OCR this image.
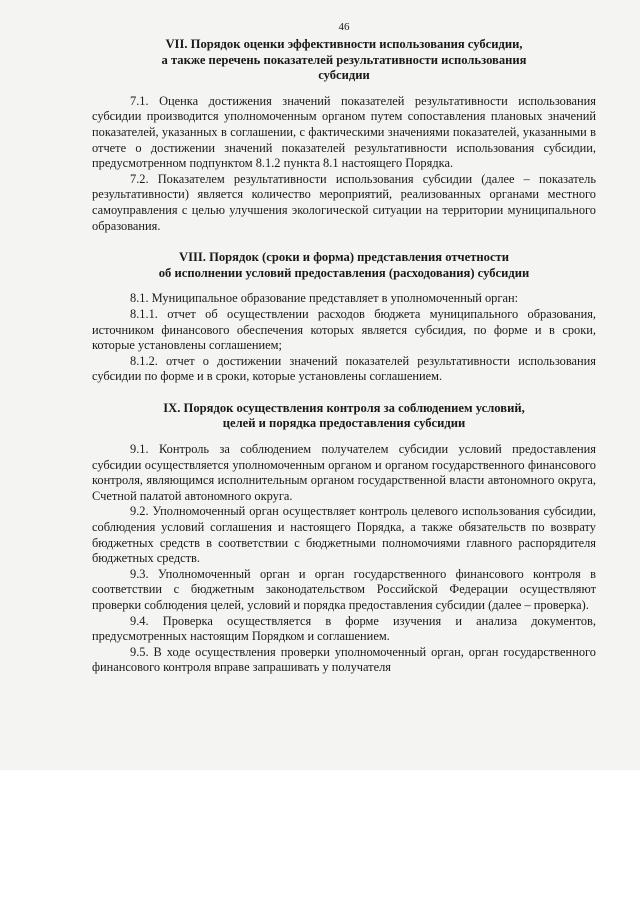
46
VII. Порядок оценки эффективности использования субсидии,
а также перечень показателей результативности использования
субсидии

7.1. Оценка достижения значений показателей результативности использования субсидии производится уполномоченным органом путем сопоставления плановых значений показателей, указанных в соглашении, с фактическими значениями показателей, указанными в отчете о достижении значений показателей результативности использования субсидии, предусмотренном подпунктом 8.1.2 пункта 8.1 настоящего Порядка.

7.2. Показателем результативности использования субсидии (далее – показатель результативности) является количество мероприятий, реализованных органами местного самоуправления с целью улучшения экологической ситуации на территории муниципального образования.

VIII. Порядок (сроки и форма) представления отчетности
об исполнении условий предоставления (расходования) субсидии

8.1. Муниципальное образование представляет в уполномоченный орган:

8.1.1. отчет об осуществлении расходов бюджета муниципального образования, источником финансового обеспечения которых является субсидия, по форме и в сроки, которые установлены соглашением;

8.1.2. отчет о достижении значений показателей результативности использования субсидии по форме и в сроки, которые установлены соглашением.

IX. Порядок осуществления контроля за соблюдением условий,
целей и порядка предоставления субсидии

9.1. Контроль за соблюдением получателем субсидии условий предоставления субсидии осуществляется уполномоченным органом и органом государственного финансового контроля, являющимся исполнительным органом государственной власти автономного округа, Счетной палатой автономного округа.

9.2. Уполномоченный орган осуществляет контроль целевого использования субсидии, соблюдения условий соглашения и настоящего Порядка, а также обязательств по возврату бюджетных средств в соответствии с бюджетными полномочиями главного распорядителя бюджетных средств.

9.3. Уполномоченный орган и орган государственного финансового контроля в соответствии с бюджетным законодательством Российской Федерации осуществляют проверки соблюдения целей, условий и порядка предоставления субсидии (далее – проверка).

9.4. Проверка осуществляется в форме изучения и анализа документов, предусмотренных настоящим Порядком и соглашением.

9.5. В ходе осуществления проверки уполномоченный орган, орган государственного финансового контроля вправе запрашивать у получателя
